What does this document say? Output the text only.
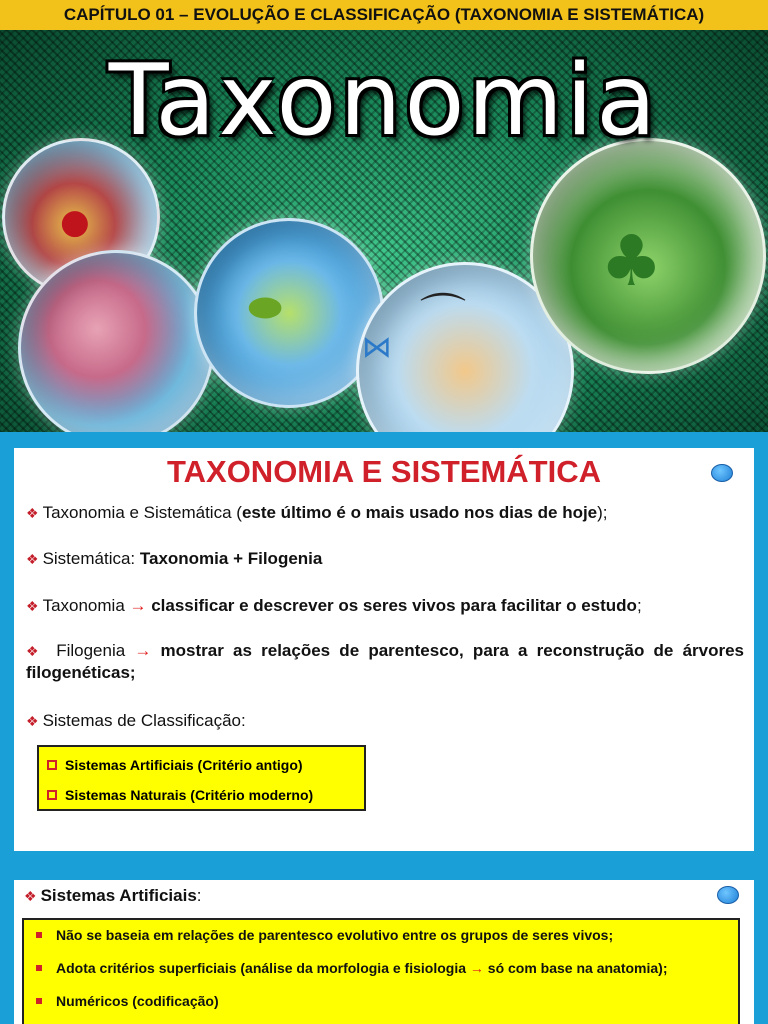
CAPÍTULO 01 – EVOLUÇÃO E CLASSIFICAÇÃO (TAXONOMIA E SISTEMÁTICA)
●
⬬	⌒
⋈
♣
Taxonomia
TAXONOMIA E SISTEMÁTICA
❖ Taxonomia e Sistemática (este último é o mais usado nos dias de hoje);
❖ Sistemática: Taxonomia + Filogenia
❖ Taxonomia → classificar e descrever os seres vivos para facilitar o estudo;
❖ Filogenia → mostrar as relações de parentesco, para a reconstrução de árvores filogenéticas;
❖ Sistemas de Classificação:
Sistemas Artificiais (Critério antigo)
Sistemas Naturais (Critério moderno)
❖ Sistemas Artificiais:
Não se baseia em relações de parentesco evolutivo entre os grupos de seres vivos;
Adota critérios superficiais (análise da morfologia e fisiologia → só com base na anatomia);
Numéricos (codificação)
